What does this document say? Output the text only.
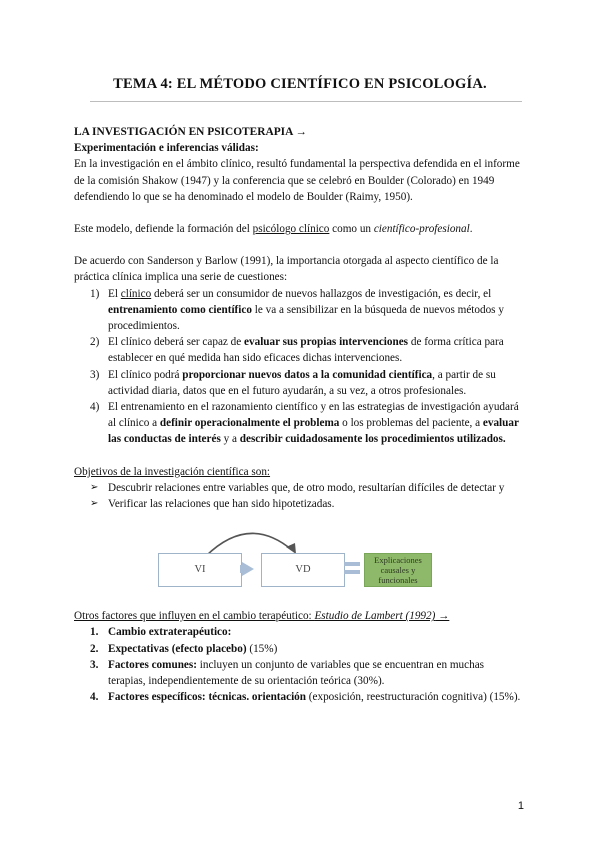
TEMA 4: EL MÉTODO CIENTÍFICO EN PSICOLOGÍA.

LA INVESTIGACIÓN EN PSICOTERAPIA →

Experimentación e inferencias válidas:

En la investigación en el ámbito clínico, resultó fundamental la perspectiva defendida en el informe de la comisión Shakow (1947) y la conferencia que se celebró en Boulder (Colorado) en 1949 defendiendo lo que se ha denominado el modelo de Boulder (Raimy, 1950).

Este modelo, defiende la formación del psicólogo clínico como un científico-profesional.

De acuerdo con Sanderson y Barlow (1991), la importancia otorgada al aspecto científico de la práctica clínica implica una serie de cuestiones:

1) El clínico deberá ser un consumidor de nuevos hallazgos de investigación, es decir, el entrenamiento como científico le va a sensibilizar en la búsqueda de nuevos métodos y procedimientos.
2) El clínico deberá ser capaz de evaluar sus propias intervenciones de forma crítica para establecer en qué medida han sido eficaces dichas intervenciones.
3) El clínico podrá proporcionar nuevos datos a la comunidad científica, a partir de su actividad diaria, datos que en el futuro ayudarán, a su vez, a otros profesionales.
4) El entrenamiento en el razonamiento científico y en las estrategias de investigación ayudará al clínico a definir operacionalmente el problema o los problemas del paciente, a evaluar las conductas de interés y a describir cuidadosamente los procedimientos utilizados.

Objetivos de la investigación científica son:

➢ Descubrir relaciones entre variables que, de otro modo, resultarían difíciles de detectar y
➢ Verificar las relaciones que han sido hipotetizadas.
VI	VD
Explicaciones causales y funcionales

Otros factores que influyen en el cambio terapéutico: Estudio de Lambert (1992) →

1. Cambio extraterapéutico:
2. Expectativas (efecto placebo) (15%)
3. Factores comunes: incluyen un conjunto de variables que se encuentran en muchas terapias, independientemente de su orientación teórica (30%).
4. Factores específicos: técnicas. orientación (exposición, reestructuración cognitiva) (15%).
1
